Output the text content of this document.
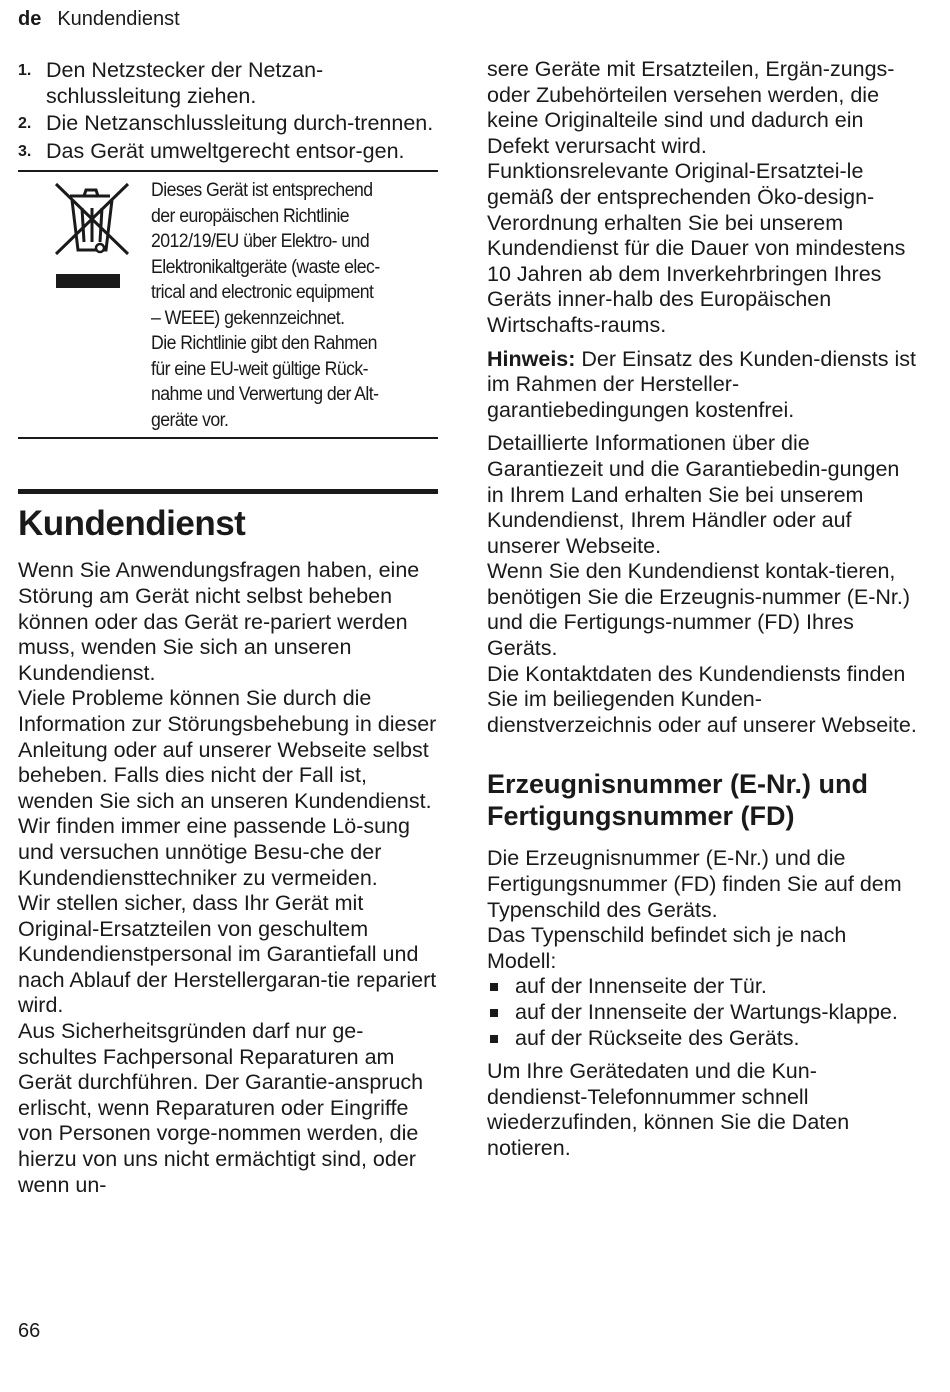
de Kundendienst
1. Den Netzstecker der Netzan-schlussleitung ziehen.
2. Die Netzanschlussleitung durch-trennen.
3. Das Gerät umweltgerecht entsor-gen.

Dieses Gerät ist entsprechend

der europäischen Richtlinie

2012/19/EU über Elektro- und

Elektronikaltgeräte (waste elec-

trical and electronic equipment

– WEEE) gekennzeichnet.

Die Richtlinie gibt den Rahmen

für eine EU-weit gültige Rück-

nahme und Verwertung der Alt-

geräte vor.

Kundendienst

Wenn Sie Anwendungsfragen haben, eine Störung am Gerät nicht selbst beheben können oder das Gerät re-pariert werden muss, wenden Sie sich an unseren Kundendienst.

Viele Probleme können Sie durch die Information zur Störungsbehebung in dieser Anleitung oder auf unserer Webseite selbst beheben. Falls dies nicht der Fall ist, wenden Sie sich an unseren Kundendienst.

Wir finden immer eine passende Lö-sung und versuchen unnötige Besu-che der Kundendiensttechniker zu vermeiden.

Wir stellen sicher, dass Ihr Gerät mit Original-Ersatzteilen von geschultem Kundendienstpersonal im Garantiefall und nach Ablauf der Herstellergaran-tie repariert wird.

Aus Sicherheitsgründen darf nur ge-schultes Fachpersonal Reparaturen am Gerät durchführen. Der Garantie-anspruch erlischt, wenn Reparaturen oder Eingriffe von Personen vorge-nommen werden, die hierzu von uns nicht ermächtigt sind, oder wenn un-

sere Geräte mit Ersatzteilen, Ergän-zungs- oder Zubehörteilen versehen werden, die keine Originalteile sind und dadurch ein Defekt verursacht wird.

Funktionsrelevante Original-Ersatztei-le gemäß der entsprechenden Öko-design-Verordnung erhalten Sie bei unserem Kundendienst für die Dauer von mindestens 10 Jahren ab dem Inverkehrbringen Ihres Geräts inner-halb des Europäischen Wirtschafts-raums.

Hinweis: Der Einsatz des Kunden-diensts ist im Rahmen der Hersteller-garantiebedingungen kostenfrei.

Detaillierte Informationen über die Garantiezeit und die Garantiebedin-gungen in Ihrem Land erhalten Sie bei unserem Kundendienst, Ihrem Händler oder auf unserer Webseite.

Wenn Sie den Kundendienst kontak-tieren, benötigen Sie die Erzeugnis-nummer (E-Nr.) und die Fertigungs-nummer (FD) Ihres Geräts.

Die Kontaktdaten des Kundendiensts finden Sie im beiliegenden Kunden-dienstverzeichnis oder auf unserer Webseite.

Erzeugnisnummer (E-Nr.) und Fertigungsnummer (FD)

Die Erzeugnisnummer (E-Nr.) und die Fertigungsnummer (FD) finden Sie auf dem Typenschild des Geräts.

Das Typenschild befindet sich je nach Modell:

auf der Innenseite der Tür.
auf der Innenseite der Wartungs-klappe.
auf der Rückseite des Geräts.

Um Ihre Gerätedaten und die Kun-dendienst-Telefonnummer schnell wiederzufinden, können Sie die Daten notieren.

66
